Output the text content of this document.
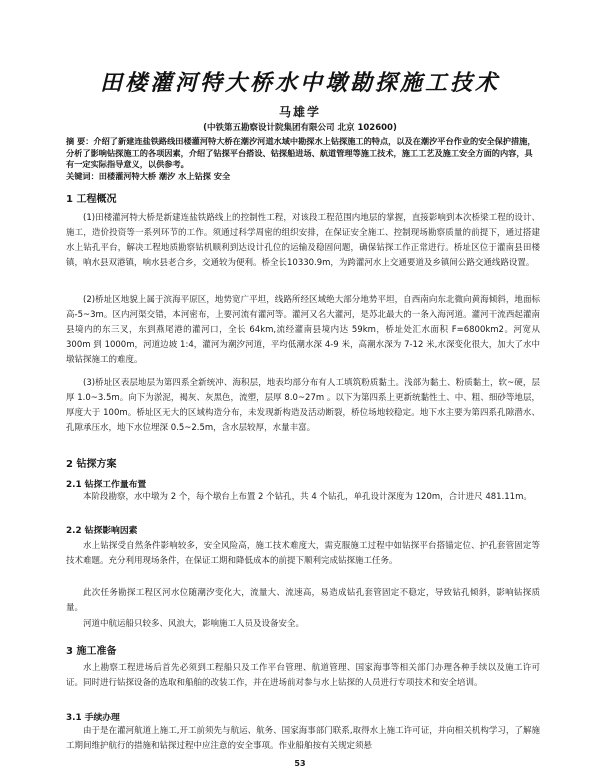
田楼灌河特大桥水中墩勘探施工技术
马雄学
(中铁第五勘察设计院集团有限公司 北京 102600)
摘 要：介绍了新建连盐铁路线田楼灌河特大桥在潮汐河道水域中勘探水上钻探施工的特点，以及在潮汐平台作业的安全保护措施，分析了影响钻探施工的各项因素，介绍了钻探平台搭设、钻探船进场、航道管理等施工技术，施工工艺及施工安全方面的内容，具有一定实际指导意义，以供参考。
关键词：田楼灌河特大桥 潮汐 水上钻探 安全
1 工程概况
(1)田楼灌河特大桥是新建连盐铁路线上的控制性工程，对该段工程范围内地层的掌握，直接影响到本次桥梁工程的设计、施工，造价投资等一系列环节的工作。须通过科学周密的组织安排，在保证安全施工、控制现场勘察质量的前提下，通过搭建水上钻孔平台，解决工程地质勘察钻机顺利到达设计孔位的运输及稳固问题，确保钻探工作正常进行。桥址区位于灌南县田楼镇，响水县双港镇，响水县老合乡，交通较为便利。桥全长10330.9m，为跨灌河水上交通要道及乡镇间公路交通线路设置。
(2)桥址区地貌上属于滨海平原区，地势宽广平坦，线路所经区域绝大部分地势平坦，自西南向东北微向黄海倾斜，地面标高-5~3m。区内河渠交错，本河密布，上要河流有灌河等。灌河又名大灌河，是苏北最大的一条入海河道。灌河干流西起灌南县境内的东三叉，东到燕尾港的灌河口，全长 64km,流经灌南县境内达 59km，桥址处汇水面积 F=6800km2。河宽从 300m 到 1000m，河道边坡 1:4，灌河为潮汐河道，平均低潮水深 4-9 米，高潮水深为 7-12 米,水深变化很大，加大了水中墩钻探施工的难度。
(3)桥址区表层地层为第四系全新统冲、海积层，地表均部分布有人工填筑粉质黏土。浅部为黏土、粉质黏土，软~硬，层厚 1.0~3.5m。向下为淤泥，褐灰、灰黑色，流塑，层厚 8.0~27m 。以下为第四系上更新统黏性土、中、粗、细砂等地层，厚度大于 100m。桥址区无大的区域构造分布，未发现新构造及活动断裂，桥位场地较稳定。地下水主要为第四系孔隙潜水、孔隙承压水，地下水位埋深 0.5~2.5m，含水层较厚，水量丰富。
2 钻探方案
2.1 钻探工作量布置
本阶段勘察，水中墩为 2 个，每个墩台上布置 2 个钻孔，共 4 个钻孔，单孔设计深度为 120m，合计进尺 481.11m。
2.2 钻探影响因素
水上钻探受自然条件影响较多，安全风险高，施工技术难度大，需克服施工过程中如钻探平台搭锚定位、护孔套管固定等技术难题。充分利用现场条件，在保证工期和降低成本的前提下顺利完成钻探施工任务。
此次任务勘探工程区河水位随潮汐变化大，流量大、流速高，易造成钻孔套管固定不稳定，导致钻孔倾斜，影响钻探质量。
河道中航运船只较多、风浪大，影响施工人员及设备安全。
3 施工准备
水上勘察工程进场后首先必须到工程船只及工作平台管理、航道管理、国家海事等相关部门办理各种手续以及施工许可证。同时进行钻探设备的选取和船舶的改装工作，并在进场前对参与水上钻探的人员进行专项技术和安全培训。
3.1 手续办理
由于是在灌河航道上施工,开工前须先与航运、航务、国家海事部门联系,取得水上施工许可证，并向相关机构学习，了解施工期间维护航行的措施和钻探过程中应注意的安全事项。作业船舶按有关规定须悬
53
